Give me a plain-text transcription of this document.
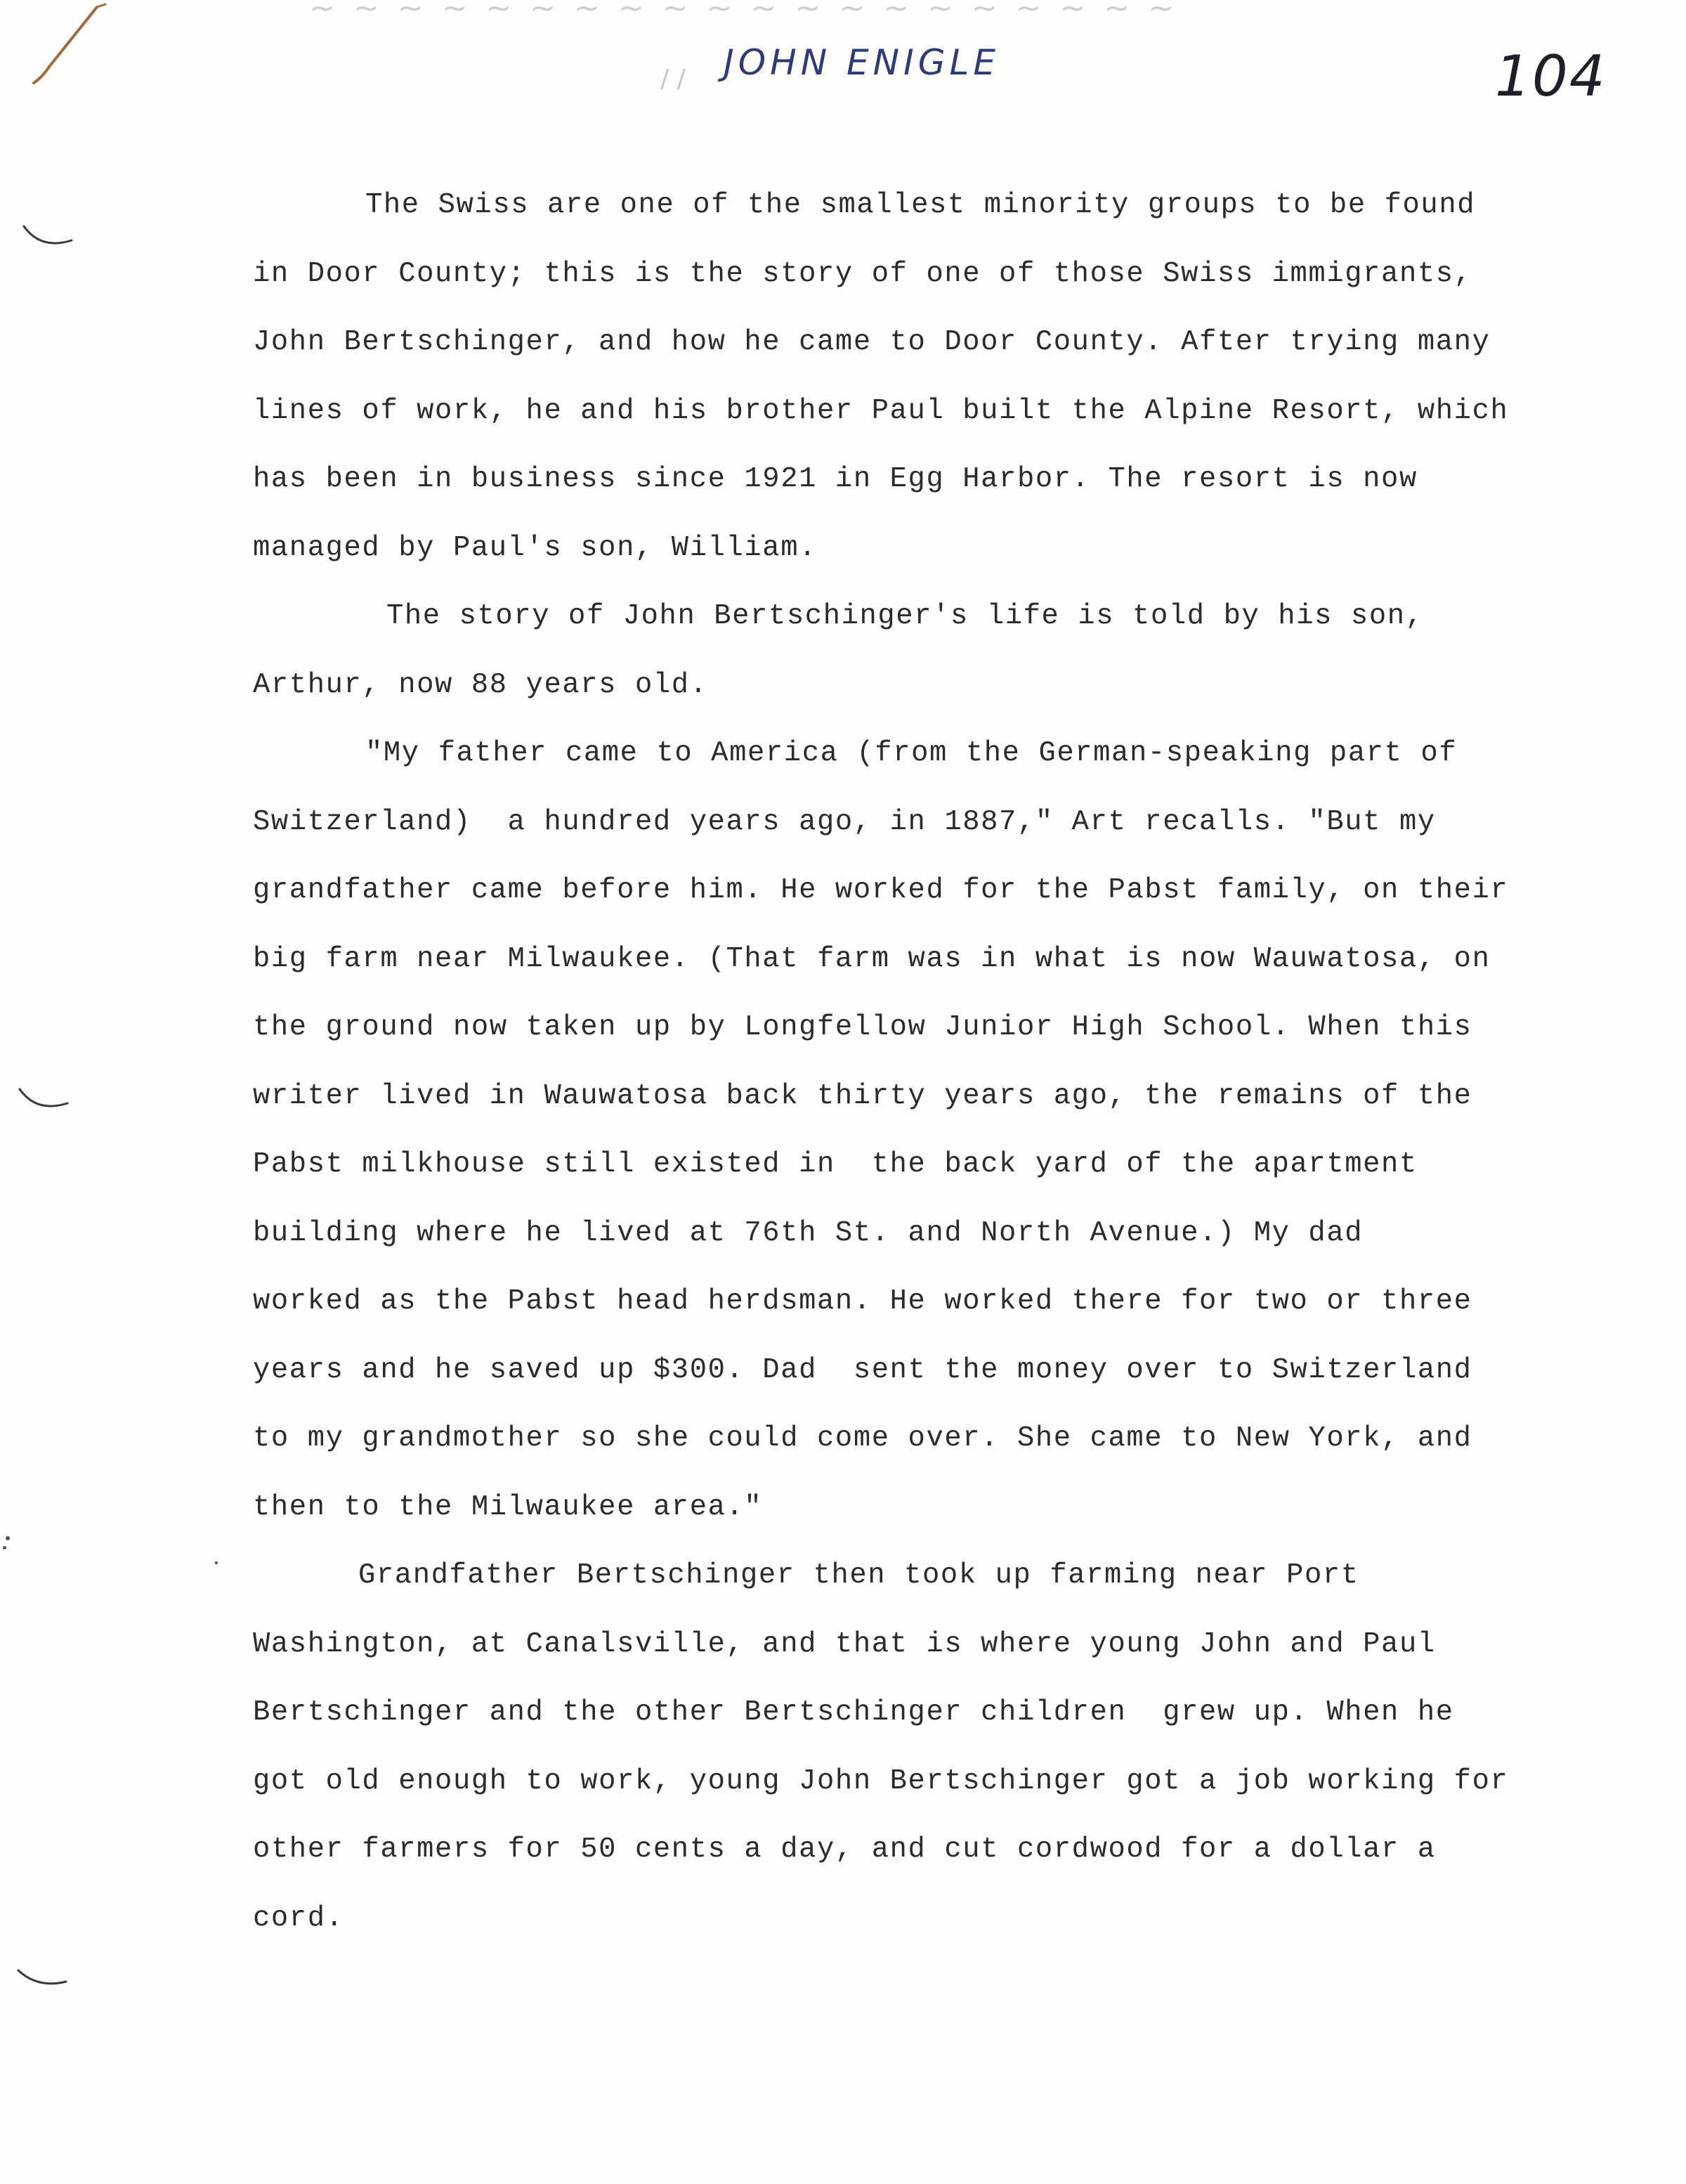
~ ~ ~ ~ ~ ~ ~ ~ ~ ~ ~ ~ ~ ~ ~ ~ ~ ~ ~ ~
/ / JOHN ENIGLE	104

The Swiss are one of the smallest minority groups to be found in Door County; this is the story of one of those Swiss immigrants, John Bertschinger, and how he came to Door County. After trying many lines of work, he and his brother Paul built the Alpine Resort, which has been in business since 1921 in Egg Harbor. The resort is now managed by Paul's son, William.

The story of John Bertschinger's life is told by his son, Arthur, now 88 years old.

"My father came to America (from the German-speaking part of Switzerland)  a hundred years ago, in 1887," Art recalls. "But my grandfather came before him. He worked for the Pabst family, on their big farm near Milwaukee. (That farm was in what is now Wauwatosa, on the ground now taken up by Longfellow Junior High School. When this writer lived in Wauwatosa back thirty years ago, the remains of the Pabst milkhouse still existed in  the back yard of the apartment building where he lived at 76th St. and North Avenue.) My dad   worked as the Pabst head herdsman. He worked there for two or three years and he saved up $300. Dad  sent the money over to Switzerland to my grandmother so she could come over. She came to New York, and then to the Milwaukee area."

Grandfather Bertschinger then took up farming near Port Washington, at Canalsville, and that is where young John and Paul Bertschinger and the other Bertschinger children  grew up. When he got old enough to work, young John Bertschinger got a job working for other farmers for 50 cents a day, and cut cordwood for a dollar a cord.
